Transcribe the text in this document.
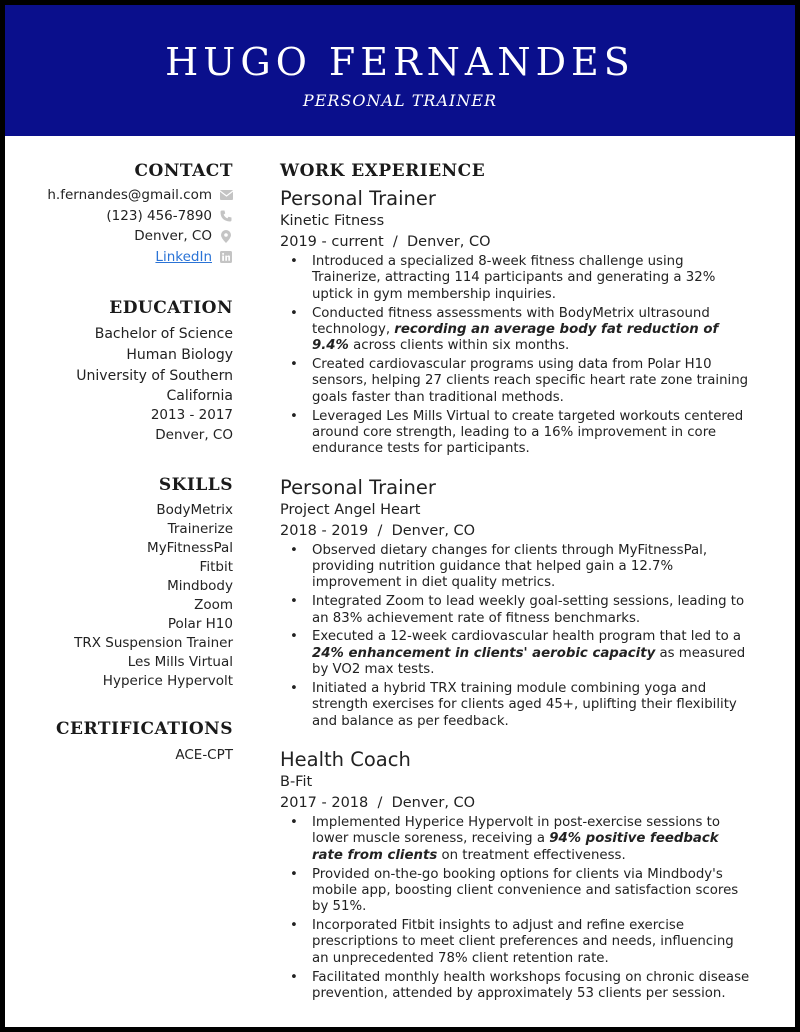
HUGO FERNANDES
PERSONAL TRAINER
CONTACT
h.fernandes@gmail.com
(123) 456-7890
Denver, CO
LinkedIn
EDUCATION
Bachelor of Science
Human Biology
University of Southern
California
2013 - 2017
Denver, CO
SKILLS
BodyMetrix
Trainerize
MyFitnessPal
Fitbit
Mindbody
Zoom
Polar H10
TRX Suspension Trainer
Les Mills Virtual
Hyperice Hypervolt
CERTIFICATIONS
ACE-CPT
WORK EXPERIENCE
Personal Trainer
Kinetic Fitness
2019 - current  /  Denver, CO
• Introduced a specialized 8-week fitness challenge using Trainerize, attracting 114 participants and generating a 32% uptick in gym membership inquiries.
• Conducted fitness assessments with BodyMetrix ultrasound technology, recording an average body fat reduction of 9.4% across clients within six months.
• Created cardiovascular programs using data from Polar H10 sensors, helping 27 clients reach specific heart rate zone training goals faster than traditional methods.
• Leveraged Les Mills Virtual to create targeted workouts centered around core strength, leading to a 16% improvement in core endurance tests for participants.
Personal Trainer
Project Angel Heart
2018 - 2019  /  Denver, CO
• Observed dietary changes for clients through MyFitnessPal, providing nutrition guidance that helped gain a 12.7% improvement in diet quality metrics.
• Integrated Zoom to lead weekly goal-setting sessions, leading to an 83% achievement rate of fitness benchmarks.
• Executed a 12-week cardiovascular health program that led to a 24% enhancement in clients' aerobic capacity as measured by VO2 max tests.
• Initiated a hybrid TRX training module combining yoga and strength exercises for clients aged 45+, uplifting their flexibility and balance as per feedback.
Health Coach
B-Fit
2017 - 2018  /  Denver, CO
• Implemented Hyperice Hypervolt in post-exercise sessions to lower muscle soreness, receiving a 94% positive feedback rate from clients on treatment effectiveness.
• Provided on-the-go booking options for clients via Mindbody's mobile app, boosting client convenience and satisfaction scores by 51%.
• Incorporated Fitbit insights to adjust and refine exercise prescriptions to meet client preferences and needs, influencing an unprecedented 78% client retention rate.
• Facilitated monthly health workshops focusing on chronic disease prevention, attended by approximately 53 clients per session.
